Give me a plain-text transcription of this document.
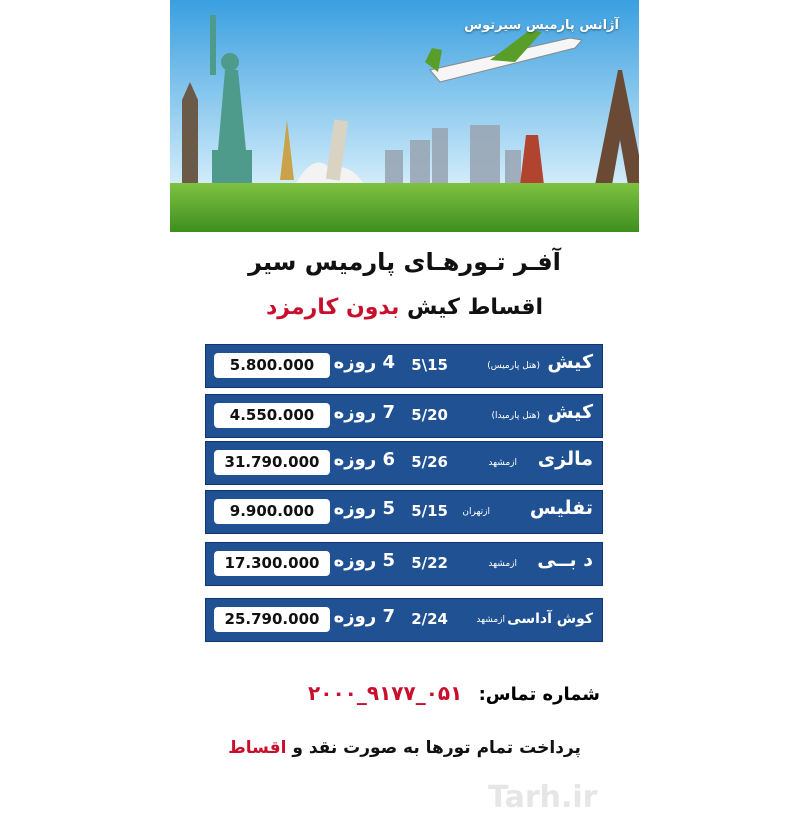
آژانس پارمیس سیرتوس
آفـر تـورهـای پارمیس سیر
اقساط کیش بدون کارمزد
کیش
(هتل پارمیس)
5\15
4 روزه
5.800.000
کیش
(هتل پارمیدا)
5/20
7 روزه
4.550.000
مالزی
ازمشهد
5/26
6 روزه
31.790.000
تفلیس
ازتهران
5/15
5 روزه
9.900.000
د بــی
ازمشهد
5/22
5 روزه
17.300.000
کوش آداسی
ازمشهد
2/24
7 روزه
25.790.000
شماره تماس: ۰۵۱_۹۱۷۷_۲۰۰۰
پرداخت تمام تورها به صورت نقد و اقساط
Tarh.ir
